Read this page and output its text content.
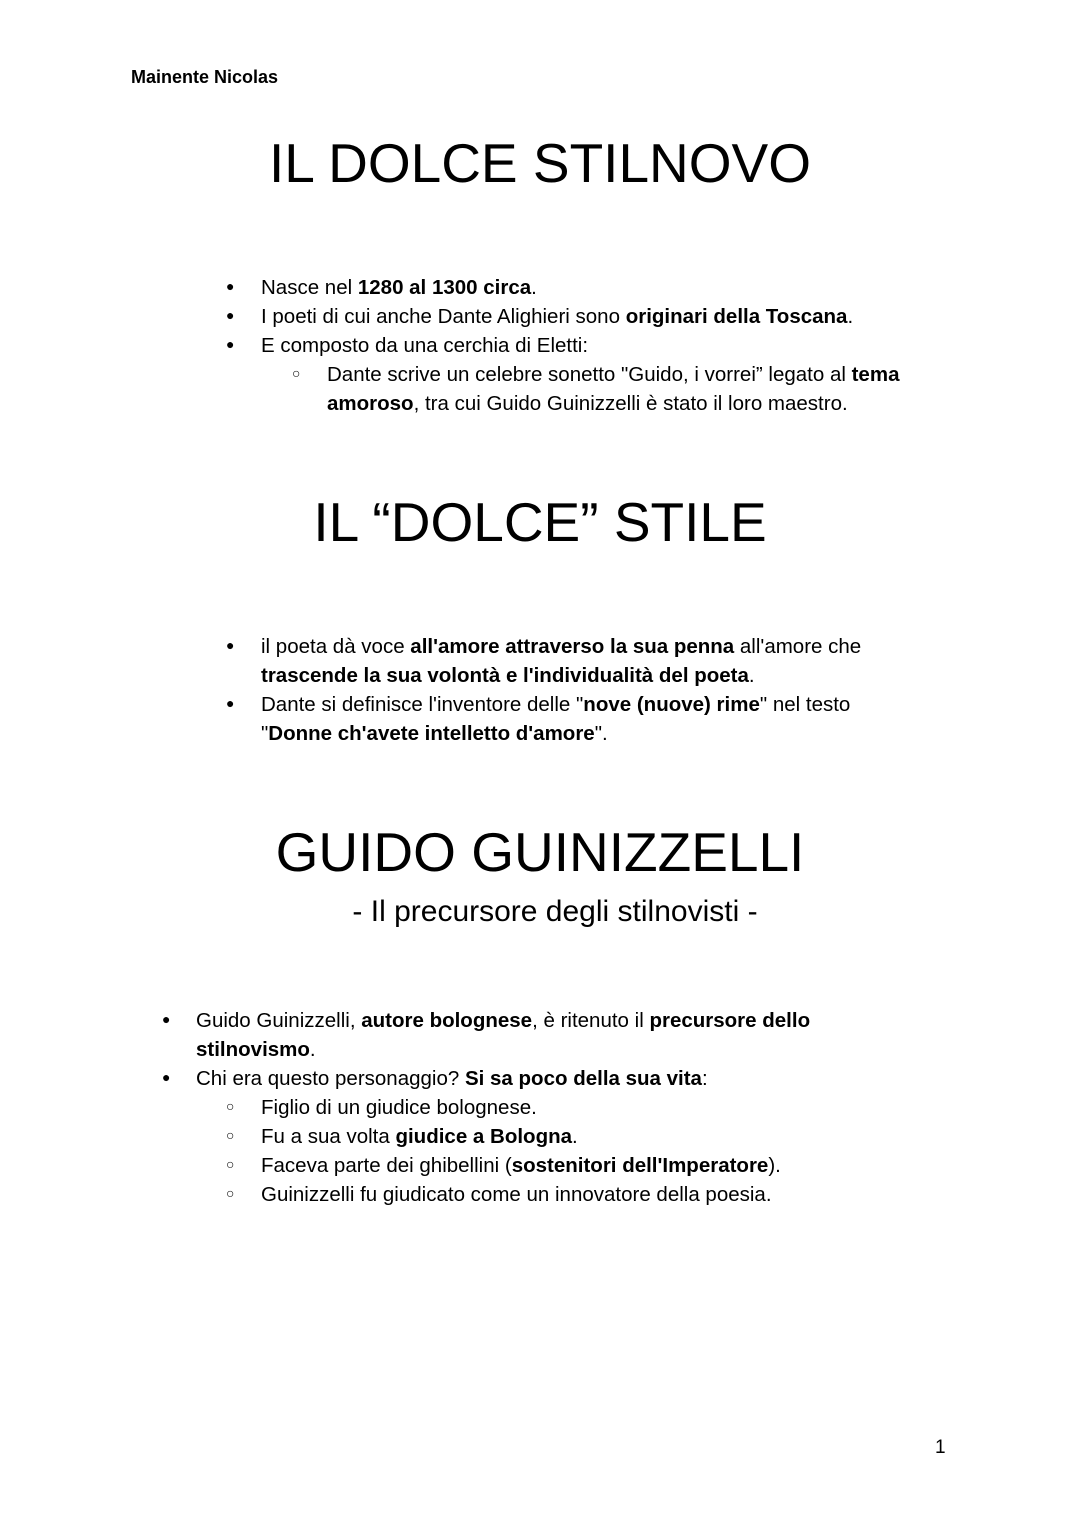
Mainente Nicolas
IL DOLCE STILNOVO
● Nasce nel 1280 al 1300 circa.
● I poeti di cui anche Dante Alighieri sono originari della Toscana.
● E composto da una cerchia di Eletti:
○ Dante scrive un celebre sonetto "Guido, i vorrei” legato al tema
amoroso, tra cui Guido Guinizzelli è stato il loro maestro.
IL “DOLCE” STILE
● il poeta dà voce all'amore attraverso la sua penna all'amore che
trascende la sua volontà e l'individualità del poeta.
● Dante si definisce l'inventore delle "nove (nuove) rime" nel testo
"Donne ch'avete intelletto d'amore".
GUIDO GUINIZZELLI
- Il precursore degli stilnovisti -
● Guido Guinizzelli, autore bolognese, è ritenuto il precursore dello
stilnovismo.
● Chi era questo personaggio? Si sa poco della sua vita:
○ Figlio di un giudice bolognese.
○ Fu a sua volta giudice a Bologna.
○ Faceva parte dei ghibellini (sostenitori dell'Imperatore).
○ Guinizzelli fu giudicato come un innovatore della poesia.
1
